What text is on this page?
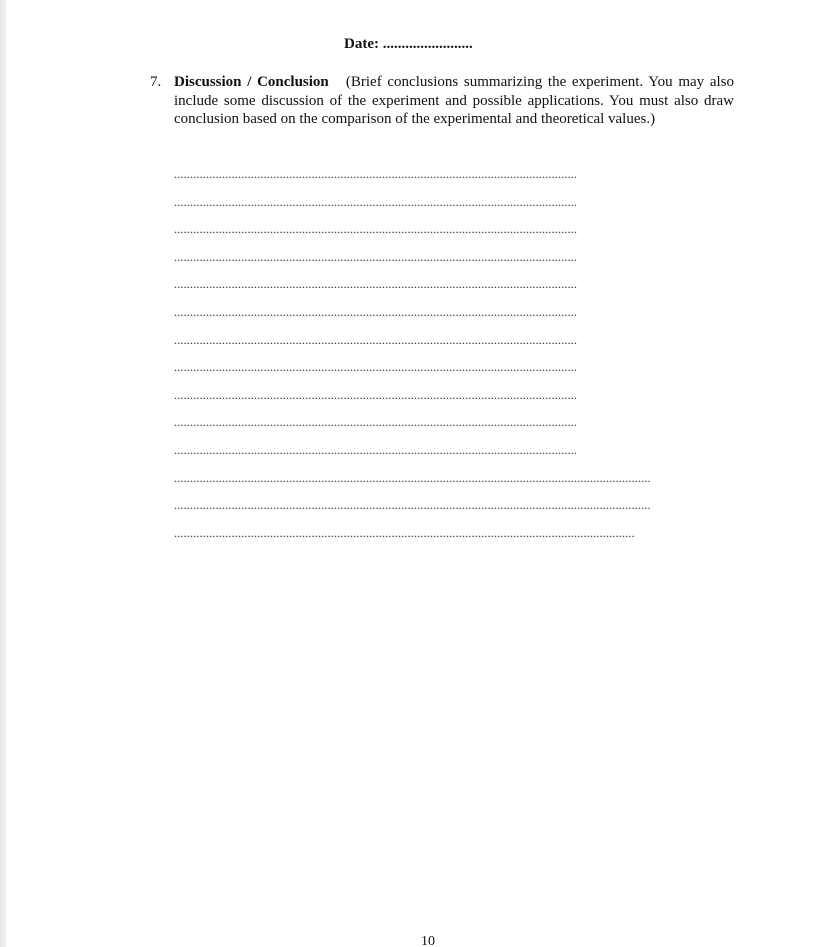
Date: ........................
7. Discussion / Conclusion (Brief conclusions summarizing the experiment. You may also include some discussion of the experiment and possible applications. You must also draw conclusion based on the comparison of the experimental and theoretical values.)
..............................................................................................................................
..............................................................................................................................
..............................................................................................................................
..............................................................................................................................
..............................................................................................................................
..............................................................................................................................
..............................................................................................................................
..............................................................................................................................
..............................................................................................................................
..............................................................................................................................
..............................................................................................................................
.....................................................................................................................................................
.....................................................................................................................................................
................................................................................................................................................
10
